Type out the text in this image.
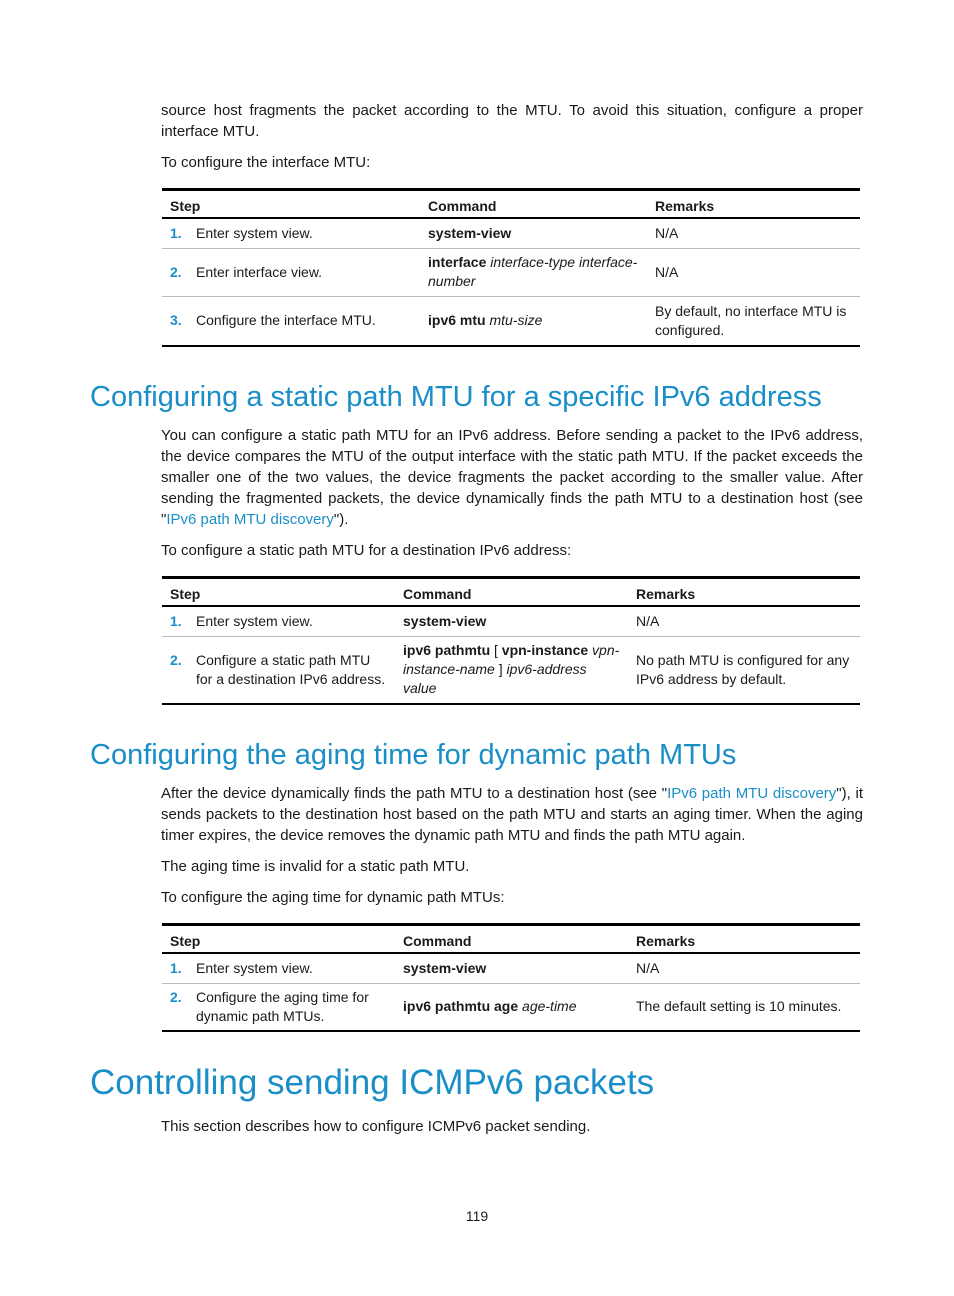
source host fragments the packet according to the MTU. To avoid this situation, configure a proper interface MTU.

To configure the interface MTU:

Step	Command	Remarks
1. Enter system view.	system-view	N/A
2. Enter interface view.	interface interface-type interface-number	N/A
3. Configure the interface MTU.	ipv6 mtu mtu-size	By default, no interface MTU is configured.
Configuring a static path MTU for a specific IPv6 address

You can configure a static path MTU for an IPv6 address. Before sending a packet to the IPv6 address, the device compares the MTU of the output interface with the static path MTU. If the packet exceeds the smaller one of the two values, the device fragments the packet according to the smaller value. After sending the fragmented packets, the device dynamically finds the path MTU to a destination host (see "IPv6 path MTU discovery").

To configure a static path MTU for a destination IPv6 address:

Step	Command	Remarks
1. Enter system view.	system-view	N/A
2. Configure a static path MTU for a destination IPv6 address.	ipv6 pathmtu [ vpn-instance vpn-instance-name ] ipv6-address value	No path MTU is configured for any IPv6 address by default.
Configuring the aging time for dynamic path MTUs

After the device dynamically finds the path MTU to a destination host (see "IPv6 path MTU discovery"), it sends packets to the destination host based on the path MTU and starts an aging timer. When the aging timer expires, the device removes the dynamic path MTU and finds the path MTU again.

The aging time is invalid for a static path MTU.

To configure the aging time for dynamic path MTUs:

Step	Command	Remarks
1. Enter system view.	system-view	N/A
2. Configure the aging time for dynamic path MTUs.	ipv6 pathmtu age age-time	The default setting is 10 minutes.
Controlling sending ICMPv6 packets

This section describes how to configure ICMPv6 packet sending.

119
